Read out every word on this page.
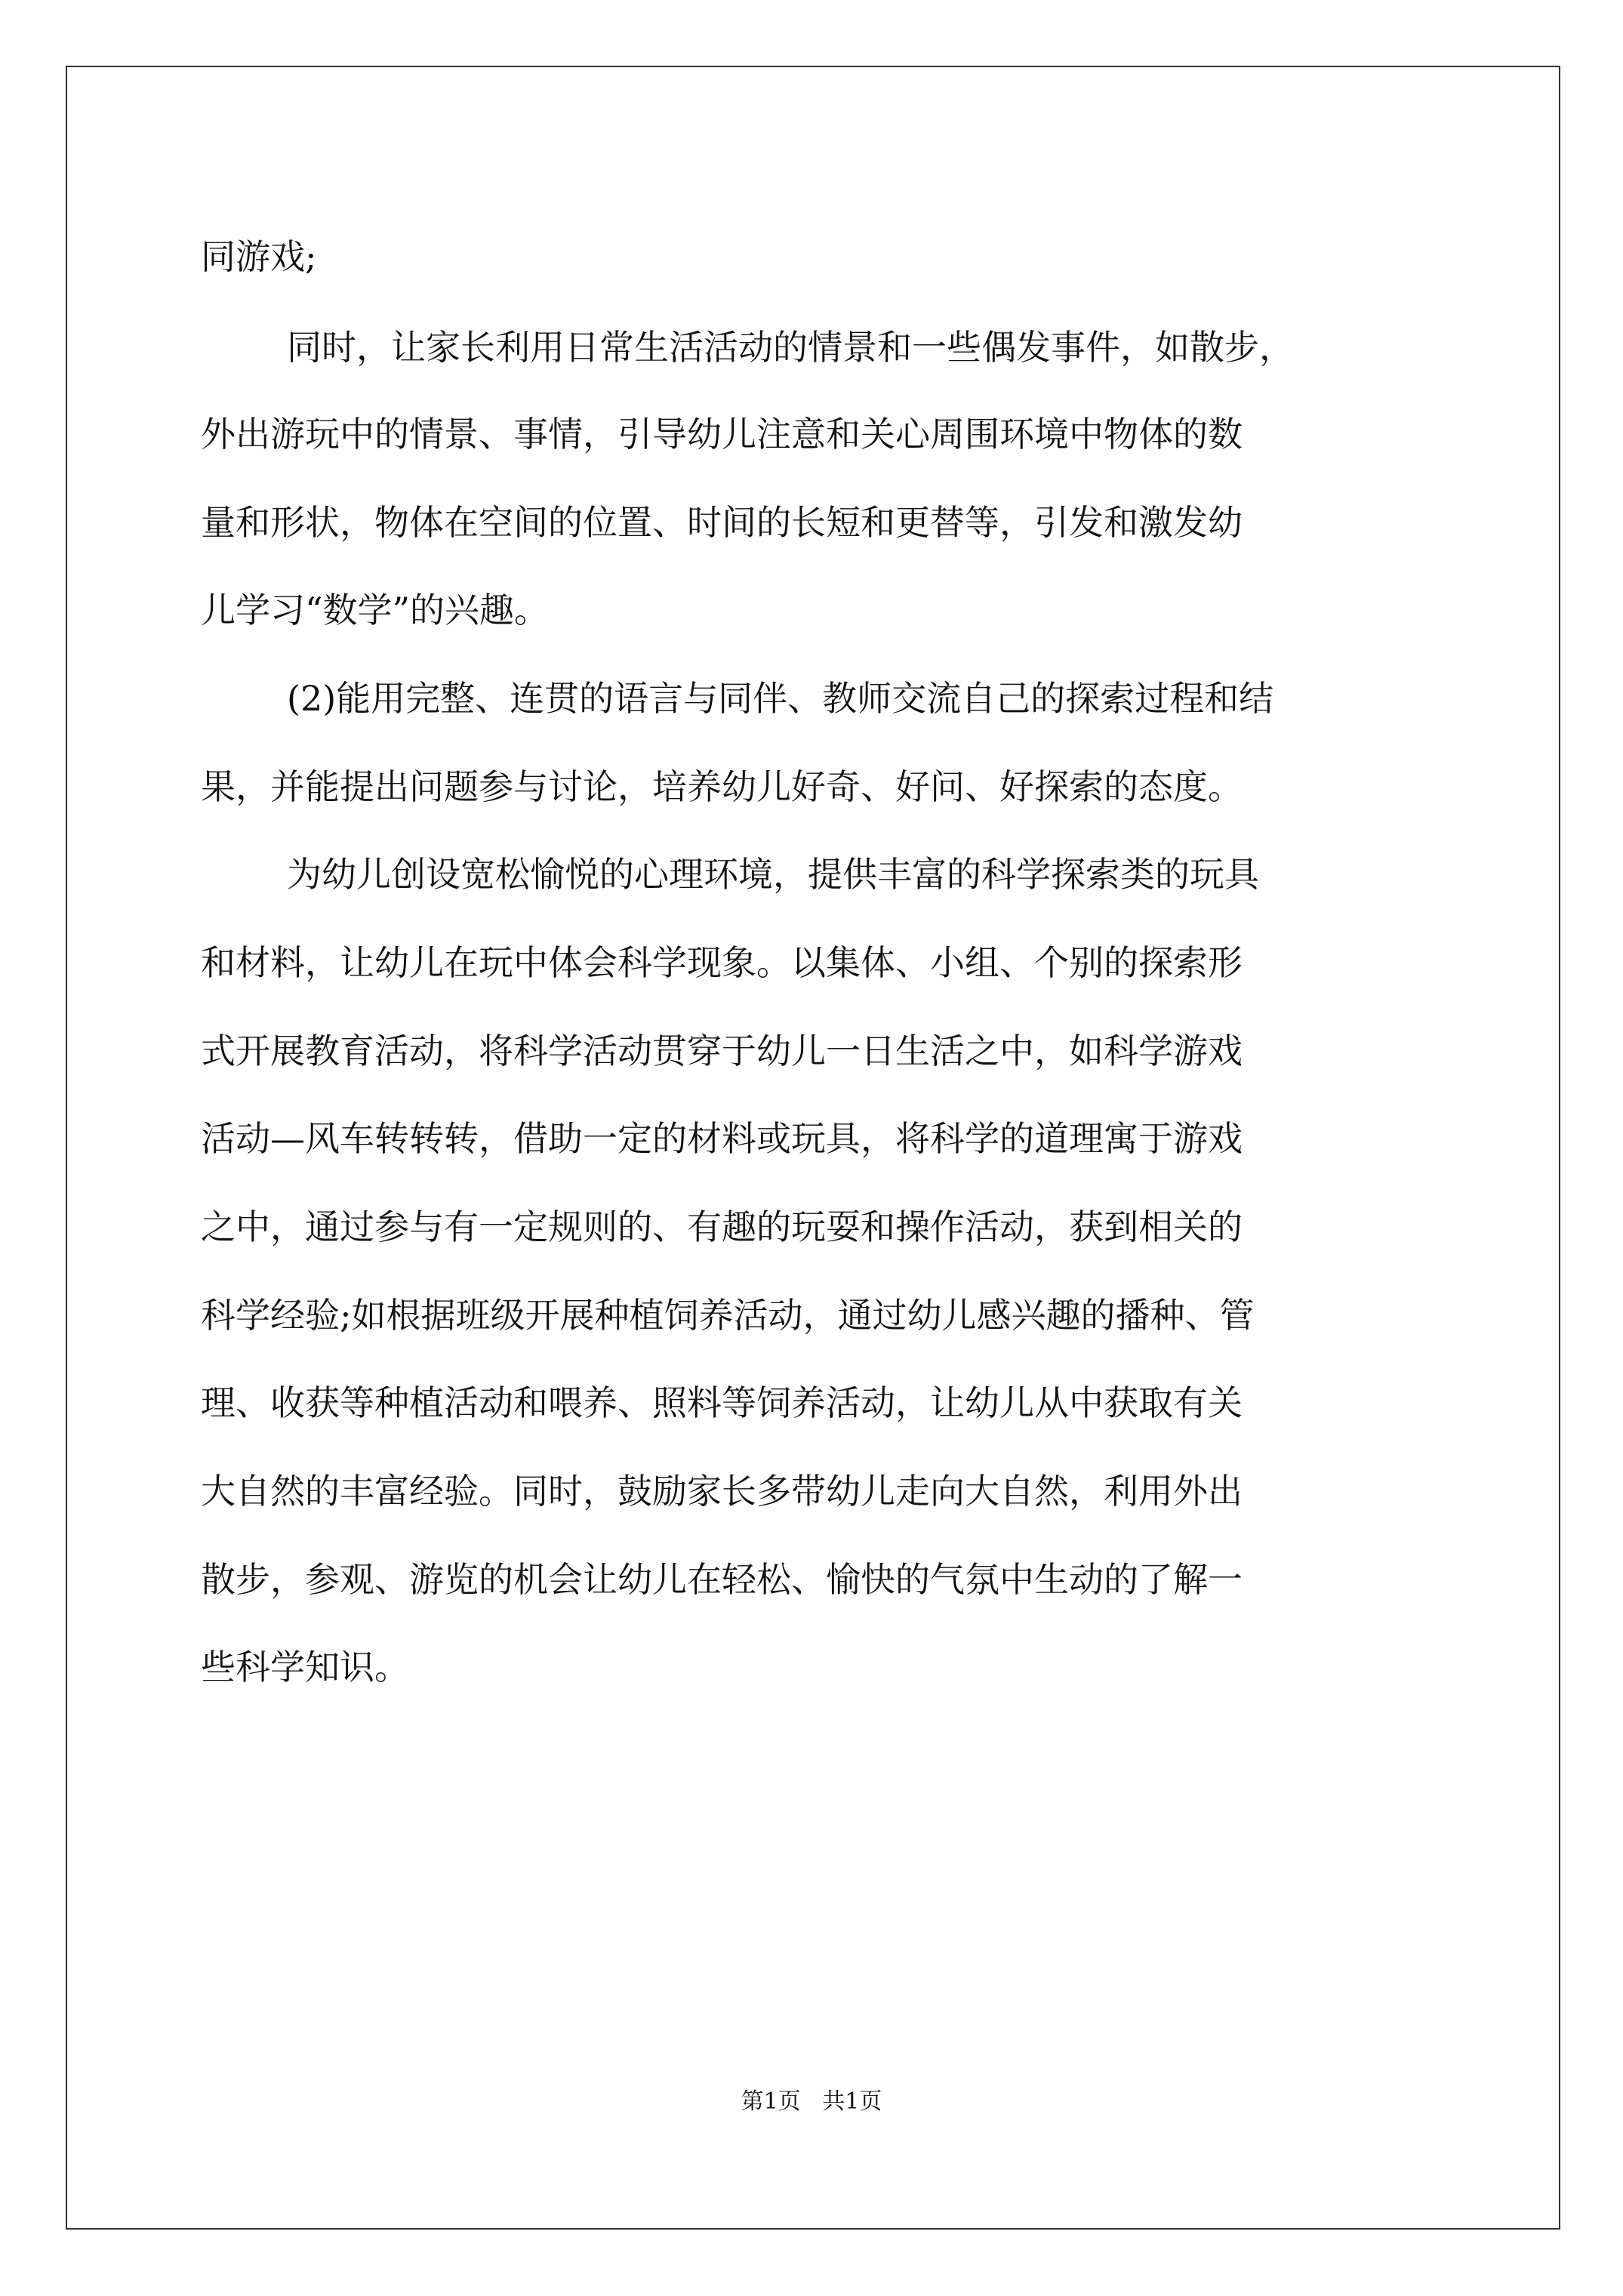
同游戏;
同时，让家长利用日常生活活动的情景和一些偶发事件，如散步，
外出游玩中的情景、事情，引导幼儿注意和关心周围环境中物体的数
量和形状，物体在空间的位置、时间的长短和更替等，引发和激发幼
儿学习“数学”的兴趣。
(2)能用完整、连贯的语言与同伴、教师交流自己的探索过程和结
果，并能提出问题参与讨论，培养幼儿好奇、好问、好探索的态度。
为幼儿创设宽松愉悦的心理环境，提供丰富的科学探索类的玩具
和材料，让幼儿在玩中体会科学现象。以集体、小组、个别的探索形
式开展教育活动，将科学活动贯穿于幼儿一日生活之中，如科学游戏
活动—风车转转转，借助一定的材料或玩具，将科学的道理寓于游戏
之中，通过参与有一定规则的、有趣的玩耍和操作活动，获到相关的
科学经验;如根据班级开展种植饲养活动，通过幼儿感兴趣的播种、管
理、收获等种植活动和喂养、照料等饲养活动，让幼儿从中获取有关
大自然的丰富经验。同时，鼓励家长多带幼儿走向大自然，利用外出
散步，参观、游览的机会让幼儿在轻松、愉快的气氛中生动的了解一
些科学知识。
第1页   共1页
